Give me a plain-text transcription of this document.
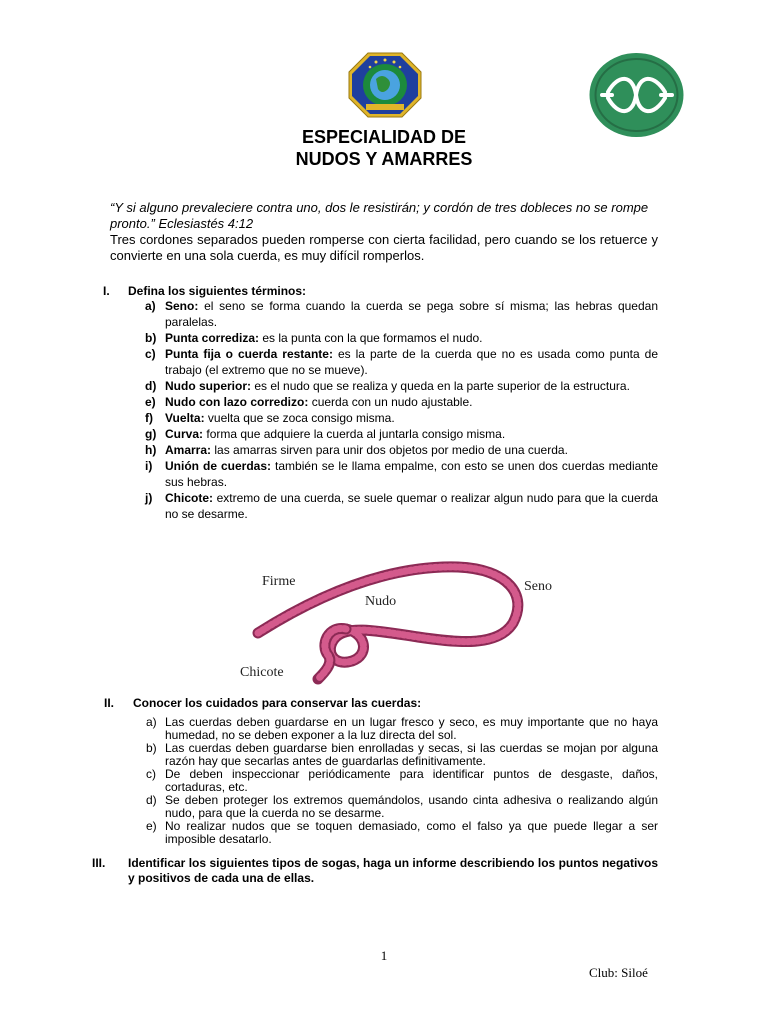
ESPECIALIDAD DE
NUDOS Y AMARRES
“Y si alguno prevaleciere contra uno, dos le resistirán; y cordón de tres dobleces no se rompe pronto.” Eclesiastés 4:12
Tres cordones separados pueden romperse con cierta facilidad, pero cuando se los retuerce y convierte en una sola cuerda, es muy difícil romperlos.
I. Defina los siguientes términos:
a) Seno: el seno se forma cuando la cuerda se pega sobre sí misma; las hebras quedan paralelas.
b) Punta corrediza: es la punta con la que formamos el nudo.
c) Punta fija o cuerda restante: es la parte de la cuerda que no es usada como punta de trabajo (el extremo que no se mueve).
d) Nudo superior: es el nudo que se realiza y queda en la parte superior de la estructura.
e) Nudo con lazo corredizo: cuerda con un nudo ajustable.
f) Vuelta: vuelta que se zoca consigo misma.
g) Curva: forma que adquiere la cuerda al juntarla consigo misma.
h) Amarra: las amarras sirven para unir dos objetos por medio de una cuerda.
i) Unión de cuerdas: también se le llama empalme, con esto se unen dos cuerdas mediante sus hebras.
j) Chicote: extremo de una cuerda, se suele quemar o realizar algun nudo para que la cuerda no se desarme.
Firme
Nudo
Seno
Chicote
II. Conocer los cuidados para conservar las cuerdas:
a) Las cuerdas deben guardarse en un lugar fresco y seco, es muy importante que no haya humedad, no se deben exponer a la luz directa del sol.
b) Las cuerdas deben guardarse bien enrolladas y secas, si las cuerdas se mojan por alguna razón hay que secarlas antes de guardarlas definitivamente.
c) De deben inspeccionar periódicamente para identificar puntos de desgaste, daños, cortaduras, etc.
d) Se deben proteger los extremos quemándolos, usando cinta adhesiva o realizando algún nudo, para que la cuerda no se desarme.
e) No realizar nudos que se toquen demasiado, como el falso ya que puede llegar a ser imposible desatarlo.
III. Identificar los siguientes tipos de sogas, haga un informe describiendo los puntos negativos y positivos de cada una de ellas.
1
Club: Siloé
